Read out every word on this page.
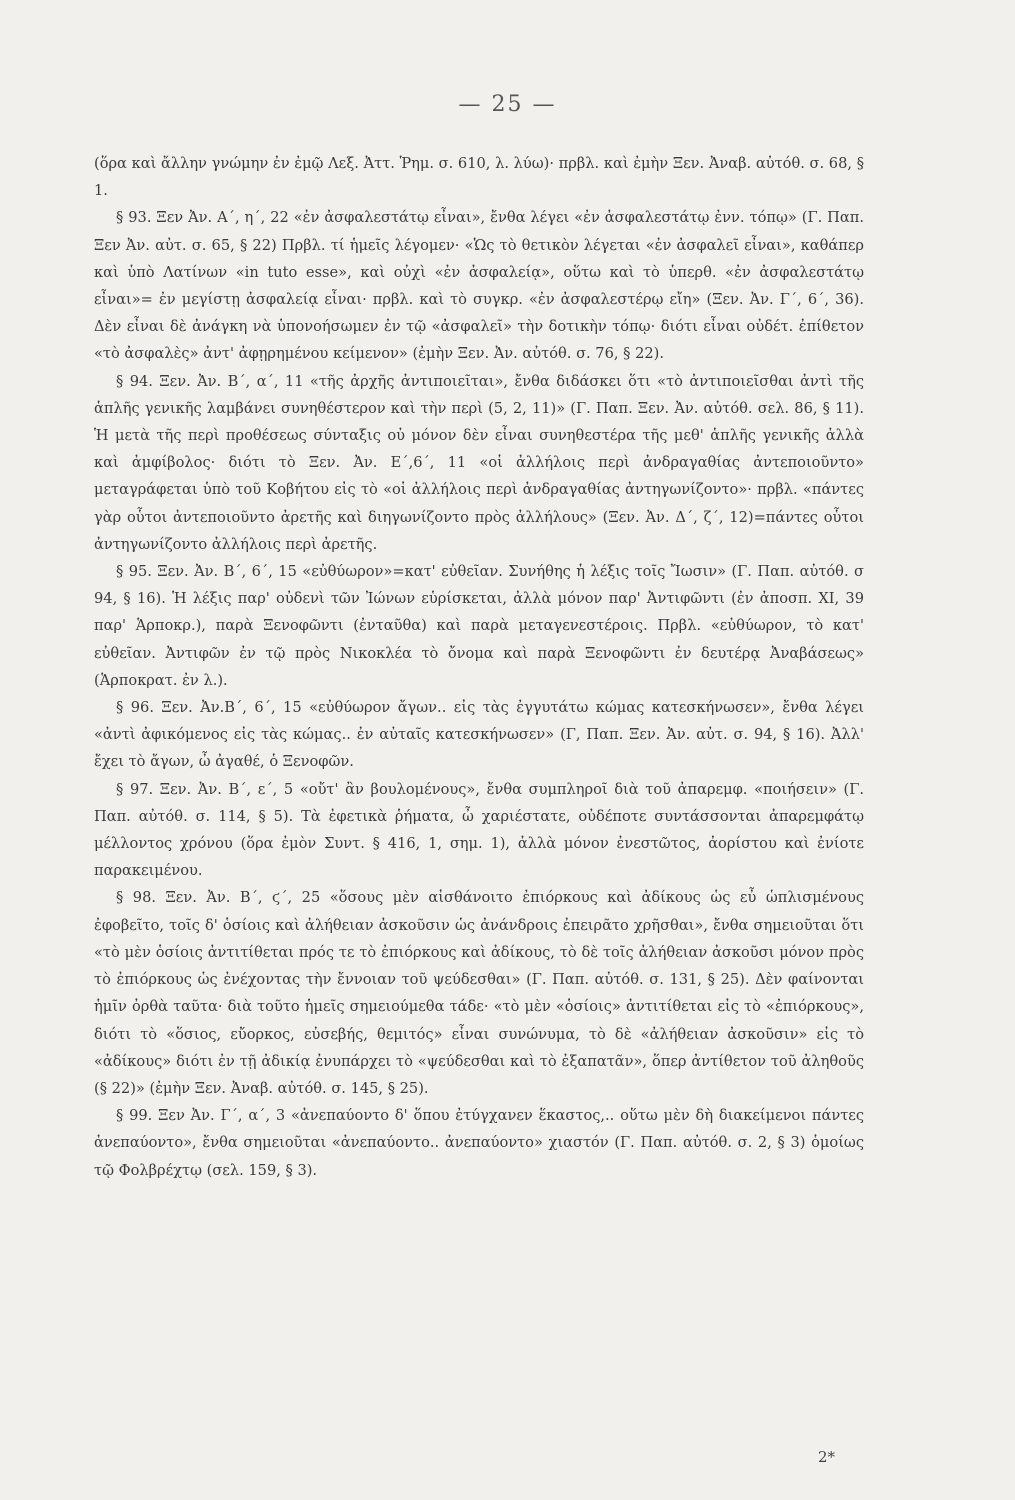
— 25 —

(ὅρα καὶ ἄλλην γνώμην ἐν ἐμῷ Λεξ. Ἀττ. Ῥημ. σ. 610, λ. λύω)· πρβλ. καὶ ἐμὴν Ξεν. Ἀναβ. αὐτόθ. σ. 68, § 1.

§ 93. Ξεν Ἀν. Α΄, η΄, 22 «ἐν ἀσφαλεστάτῳ εἶναι», ἔνθα λέγει «ἐν ἀσφαλεστάτῳ ἐνν. τόπῳ» (Γ. Παπ. Ξεν Ἀν. αὐτ. σ. 65, § 22) Πρβλ. τί ἡμεῖς λέγομεν· «Ὡς τὸ θετικὸν λέγεται «ἐν ἀσφαλεῖ εἶναι», καθάπερ καὶ ὑπὸ Λατίνων «in tuto esse», καὶ οὐχὶ «ἐν ἀσφαλείᾳ», οὕτω καὶ τὸ ὑπερθ. «ἐν ἀσφαλεστάτῳ εἶναι»= ἐν μεγίστῃ ἀσφαλείᾳ εἶναι· πρβλ. καὶ τὸ συγκρ. «ἐν ἀσφαλεστέρῳ εἴη» (Ξεν. Ἀν. Γ΄, 6΄, 36). Δὲν εἶναι δὲ ἀνάγκη νὰ ὑπονοήσωμεν ἐν τῷ «ἀσφαλεῖ» τὴν δοτικὴν τόπῳ· διότι εἶναι οὐδέτ. ἐπίθετον «τὸ ἀσφαλὲς» ἀντ' ἀφῃρημένου κείμενον» (ἐμὴν Ξεν. Ἀν. αὐτόθ. σ. 76, § 22).

§ 94. Ξεν. Ἀν. Β΄, α΄, 11 «τῆς ἀρχῆς ἀντιποιεῖται», ἔνθα διδάσκει ὅτι «τὸ ἀντιποιεῖσθαι ἀντὶ τῆς ἁπλῆς γενικῆς λαμβάνει συνηθέστερον καὶ τὴν περὶ (5, 2, 11)» (Γ. Παπ. Ξεν. Ἀν. αὐτόθ. σελ. 86, § 11). Ἡ μετὰ τῆς περὶ προθέσεως σύνταξις οὐ μόνον δὲν εἶναι συνηθεστέρα τῆς μεθ' ἁπλῆς γενικῆς ἀλλὰ καὶ ἀμφίβολος· διότι τὸ Ξεν. Ἀν. Ε΄,6΄, 11 «οἱ ἀλλήλοις περὶ ἀνδραγαθίας ἀντεποιοῦντο» μεταγράφεται ὑπὸ τοῦ Κοβήτου εἰς τὸ «οἱ ἀλλήλοις περὶ ἀνδραγαθίας ἀντηγωνίζοντο»· πρβλ. «πάντες γὰρ οὗτοι ἀντεποιοῦντο ἀρετῆς καὶ διηγωνίζοντο πρὸς ἀλλήλους» (Ξεν. Ἀν. Δ΄, ζ΄, 12)=πάντες οὗτοι ἀντηγωνίζοντο ἀλλήλοις περὶ ἀρετῆς.

§ 95. Ξεν. Ἀν. Β΄, 6΄, 15 «εὐθύωρον»=κατ' εὐθεῖαν. Συνήθης ἡ λέξις τοῖς Ἴωσιν» (Γ. Παπ. αὐτόθ. σ 94, § 16). Ἡ λέξις παρ' οὐδενὶ τῶν Ἰώνων εὑρίσκεται, ἀλλὰ μόνον παρ' Ἀντιφῶντι (ἐν ἀποσπ. XI, 39 παρ' Ἁρποκρ.), παρὰ Ξενοφῶντι (ἐνταῦθα) καὶ παρὰ μεταγενεστέροις. Πρβλ. «εὐθύωρον, τὸ κατ' εὐθεῖαν. Ἀντιφῶν ἐν τῷ πρὸς Νικοκλέα τὸ ὄνομα καὶ παρὰ Ξενοφῶντι ἐν δευτέρᾳ Ἀναβάσεως» (Ἁρποκρατ. ἐν λ.).

§ 96. Ξεν. Ἀν.Β΄, 6΄, 15 «εὐθύωρον ἄγων.. εἰς τὰς ἐγγυτάτω κώμας κατεσκήνωσεν», ἔνθα λέγει «ἀντὶ ἀφικόμενος εἰς τὰς κώμας.. ἐν αὐταῖς κατεσκήνωσεν» (Γ, Παπ. Ξεν. Ἀν. αὐτ. σ. 94, § 16). Ἀλλ' ἔχει τὸ ἄγων, ὦ ἀγαθέ, ὁ Ξενοφῶν.

§ 97. Ξεν. Ἀν. Β΄, ε΄, 5 «οὔτ' ἂν βουλομένους», ἔνθα συμπληροῖ διὰ τοῦ ἀπαρεμφ. «ποιήσειν» (Γ. Παπ. αὐτόθ. σ. 114, § 5). Τὰ ἐφετικὰ ῥήματα, ὦ χαριέστατε, οὐδέποτε συντάσσονται ἀπαρεμφάτῳ μέλλοντος χρόνου (ὅρα ἐμὸν Συντ. § 416, 1, σημ. 1), ἀλλὰ μόνον ἐνεστῶτος, ἀορίστου καὶ ἐνίοτε παρακειμένου.

§ 98. Ξεν. Ἀν. Β΄, ϛ΄, 25 «ὅσους μὲν αἰσθάνοιτο ἐπιόρκους καὶ ἀδίκους ὡς εὖ ὡπλισμένους ἐφοβεῖτο, τοῖς δ' ὁσίοις καὶ ἀλήθειαν ἀσκοῦσιν ὡς ἀνάνδροις ἐπειρᾶτο χρῆσθαι», ἔνθα σημειοῦται ὅτι «τὸ μὲν ὁσίοις ἀντιτίθεται πρός τε τὸ ἐπιόρκους καὶ ἀδίκους, τὸ δὲ τοῖς ἀλήθειαν ἀσκοῦσι μόνον πρὸς τὸ ἐπιόρκους ὡς ἐνέχοντας τὴν ἔννοιαν τοῦ ψεύδεσθαι» (Γ. Παπ. αὐτόθ. σ. 131, § 25). Δὲν φαίνονται ἡμῖν ὀρθὰ ταῦτα· διὰ τοῦτο ἡμεῖς σημειούμεθα τάδε· «τὸ μὲν «ὁσίοις» ἀντιτίθεται εἰς τὸ «ἐπιόρκους», διότι τὸ «ὅσιος, εὔορκος, εὐσεβής, θεμιτός» εἶναι συνώνυμα, τὸ δὲ «ἀλήθειαν ἀσκοῦσιν» εἰς τὸ «ἀδίκους» διότι ἐν τῇ ἀδικίᾳ ἐνυπάρχει τὸ «ψεύδεσθαι καὶ τὸ ἐξαπατᾶν», ὅπερ ἀντίθετον τοῦ ἀληθοῦς (§ 22)» (ἐμὴν Ξεν. Ἀναβ. αὐτόθ. σ. 145, § 25).

§ 99. Ξεν Ἀν. Γ΄, α΄, 3 «ἀνεπαύοντο δ' ὅπου ἐτύγχανεν ἕκαστος,.. οὕτω μὲν δὴ διακείμενοι πάντες ἀνεπαύοντο», ἔνθα σημειοῦται «ἀνεπαύοντο.. ἀνεπαύοντο» χιαστόν (Γ. Παπ. αὐτόθ. σ. 2, § 3) ὁμοίως τῷ Φολβρέχτῳ (σελ. 159, § 3).

2*
